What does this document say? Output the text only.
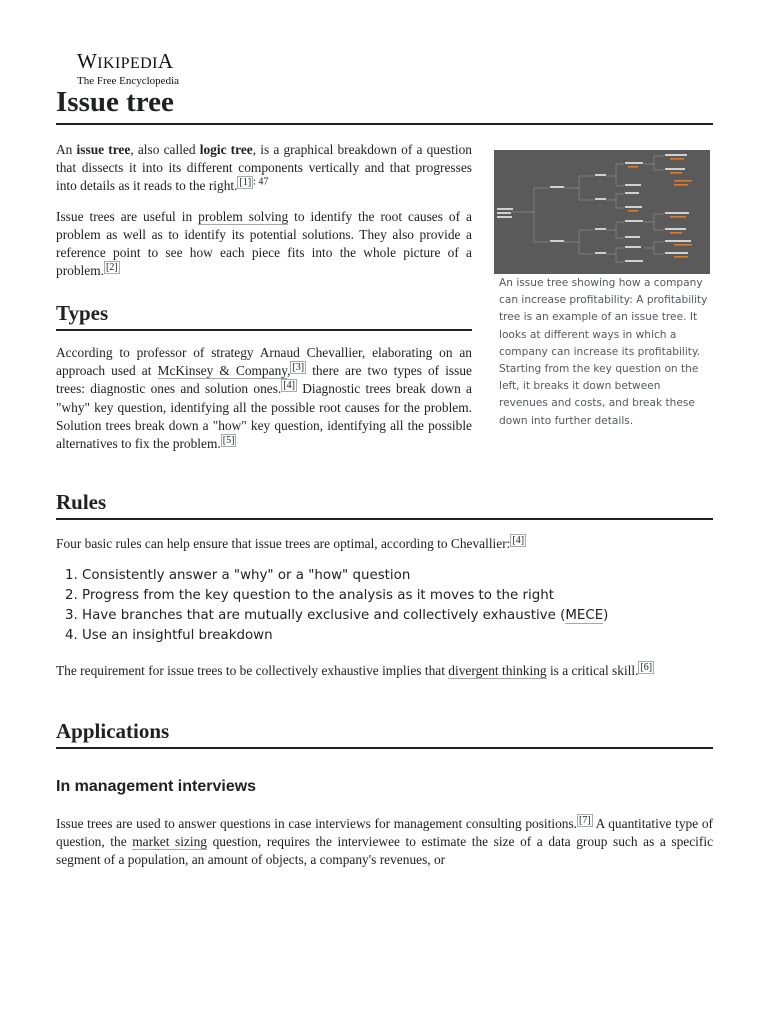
WIKIPEDIA
The Free Encyclopedia
Issue tree

An issue tree, also called logic tree, is a graphical breakdown of a question that dissects it into its different components vertically and that progresses into details as it reads to the right. $^{[1] : 47}$

Issue trees are useful in problem solving to identify the root causes of a problem as well as to identify its potential solutions. They also provide a reference point to see how each piece fits into the whole picture of a problem. [2]

An issue tree showing how a company can increase profitability: A profitability tree is an example of an issue tree. It looks at different ways in which a company can increase its profitability. Starting from the key question on the left, it breaks it down between revenues and costs, and break these down into further details.
Types

According to professor of strategy Arnaud Chevallier, elaborating on an approach used at McKinsey & Company, [3] there are two types of issue trees: diagnostic ones and solution ones. [4] Diagnostic trees break down a "why" key question, identifying all the possible root causes for the problem. Solution trees break down a "how" key question, identifying all the possible alternatives to fix the problem. [5]

Rules

Four basic rules can help ensure that issue trees are optimal, according to Chevallier: [4]

1. Consistently answer a "why" or a "how" question
2. Progress from the key question to the analysis as it moves to the right
3. Have branches that are mutually exclusive and collectively exhaustive (MECE)
4. Use an insightful breakdown

The requirement for issue trees to be collectively exhaustive implies that divergent thinking is a critical skill. [6]

Applications
In management interviews

Issue trees are used to answer questions in case interviews for management consulting positions. [7] A quantitative type of question, the market sizing question, requires the interviewee to estimate the size of a data group such as a specific segment of a population, an amount of objects, a company's revenues, or
